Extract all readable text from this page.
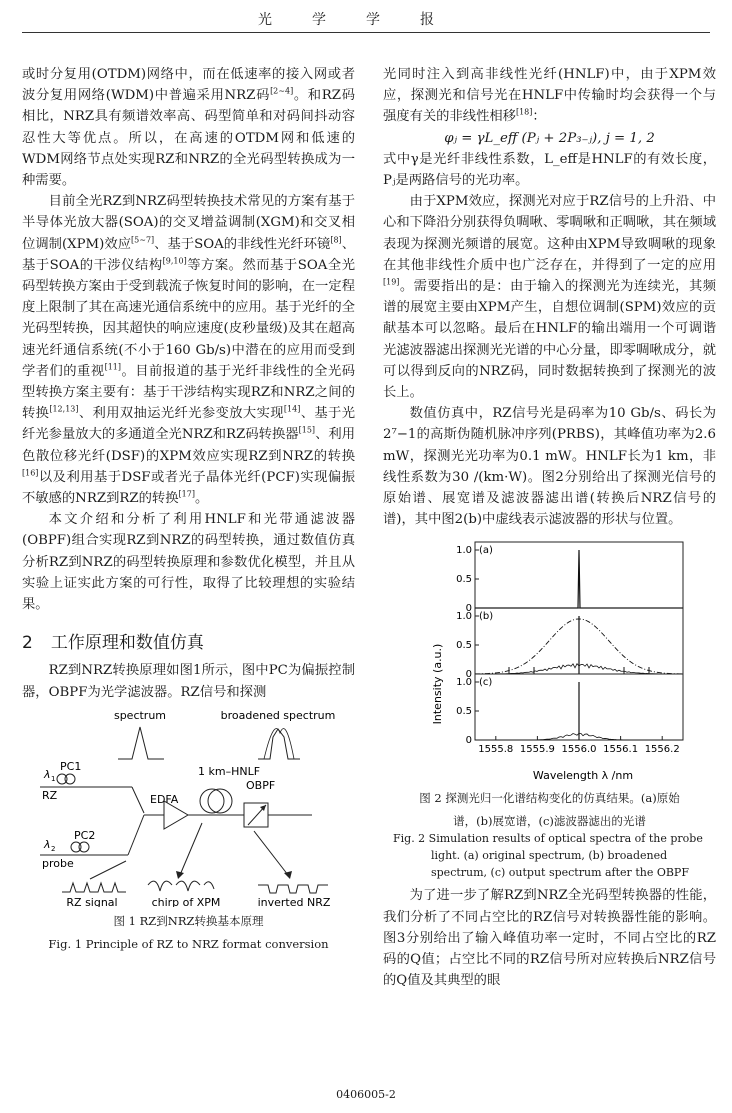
光学学报

或时分复用(OTDM)网络中，而在低速率的接入网或者波分复用网络(WDM)中普遍采用NRZ码[2~4]。和RZ码相比，NRZ具有频谱效率高、码型简单和对码间抖动容忍性大等优点。所以，在高速的OTDM网和低速的WDM网络节点处实现RZ和NRZ的全光码型转换成为一种需要。

目前全光RZ到NRZ码型转换技术常见的方案有基于半导体光放大器(SOA)的交叉增益调制(XGM)和交叉相位调制(XPM)效应[5~7]、基于SOA的非线性光纤环镜[8]、基于SOA的干涉仪结构[9,10]等方案。然而基于SOA全光码型转换方案由于受到载流子恢复时间的影响，在一定程度上限制了其在高速光通信系统中的应用。基于光纤的全光码型转换，因其超快的响应速度(皮秒量级)及其在超高速光纤通信系统(不小于160 Gb/s)中潜在的应用而受到学者们的重视[11]。目前报道的基于光纤非线性的全光码型转换方案主要有：基于干涉结构实现RZ和NRZ之间的转换[12,13]、利用双抽运光纤光参变放大实现[14]、基于光纤光参量放大的多通道全光NRZ和RZ码转换器[15]、利用色散位移光纤(DSF)的XPM效应实现RZ到NRZ的转换[16]以及利用基于DSF或者光子晶体光纤(PCF)实现偏振不敏感的NRZ到RZ的转换[17]。

本文介绍和分析了利用HNLF和光带通滤波器(OBPF)组合实现RZ到NRZ的码型转换，通过数值仿真分析RZ到NRZ的码型转换原理和参数优化模型，并且从实验上证实此方案的可行性，取得了比较理想的实验结果。

2 工作原理和数值仿真

RZ到NRZ转换原理如图1所示，图中PC为偏振控制器，OBPF为光学滤波器。RZ信号和探测

spectrum	broadened spectrum
λ 1
PC1
RZ
λ 2
PC2
probe
EDFA
1 km–HNLF
OBPF
RZ signal	chirp of XPM	inverted NRZ
图 1 RZ到NRZ转换基本原理
Fig. 1 Principle of RZ to NRZ format conversion

光同时注入到高非线性光纤(HNLF)中，由于XPM效应，探测光和信号光在HNLF中传输时均会获得一个与强度有关的非线性相移[18]：

φⱼ = γL_eff (Pⱼ + 2P₃₋ⱼ), j = 1, 2

式中γ是光纤非线性系数，L_eff是HNLF的有效长度，Pⱼ是两路信号的光功率。

由于XPM效应，探测光对应于RZ信号的上升沿、中心和下降沿分别获得负啁啾、零啁啾和正啁啾，其在频域表现为探测光频谱的展宽。这种由XPM导致啁啾的现象在其他非线性介质中也广泛存在，并得到了一定的应用[19]。需要指出的是：由于输入的探测光为连续光，其频谱的展宽主要由XPM产生，自想位调制(SPM)效应的贡献基本可以忽略。最后在HNLF的输出端用一个可调谐光滤波器滤出探测光光谱的中心分量，即零啁啾成分，就可以得到反向的NRZ码，同时数据转换到了探测光的波长上。

数值仿真中，RZ信号光是码率为10 Gb/s、码长为2⁷−1的高斯伪随机脉冲序列(PRBS)，其峰值功率为2.6 mW，探测光光功率为0.1 mW。HNLF长为1 km，非线性系数为30 /(km·W)。图2分别给出了探测光信号的原始谱、展宽谱及滤波器滤出谱(转换后NRZ信号的谱)，其中图2(b)中虚线表示滤波器的形状与位置。

Intensity (a.u.)
Wavelength λ /nm
(a)
0
0.5
1.0
(b)
0
0.5
1.0
(c)
0
0.5
1.0
1555.8 1555.9 1556.0 1556.1 1556.2
图 2 探测光归一化谱结构变化的仿真结果。(a)原始
谱，(b)展宽谱，(c)滤波器滤出的光谱
Fig. 2 Simulation results of optical spectra of the probe
light. (a) original spectrum, (b) broadened
spectrum, (c) output spectrum after the OBPF

为了进一步了解RZ到NRZ全光码型转换器的性能，我们分析了不同占空比的RZ信号对转换器性能的影响。图3分别给出了输入峰值功率一定时，不同占空比的RZ码的Q值；占空比不同的RZ信号所对应转换后NRZ信号的Q值及其典型的眼

0406005-2
